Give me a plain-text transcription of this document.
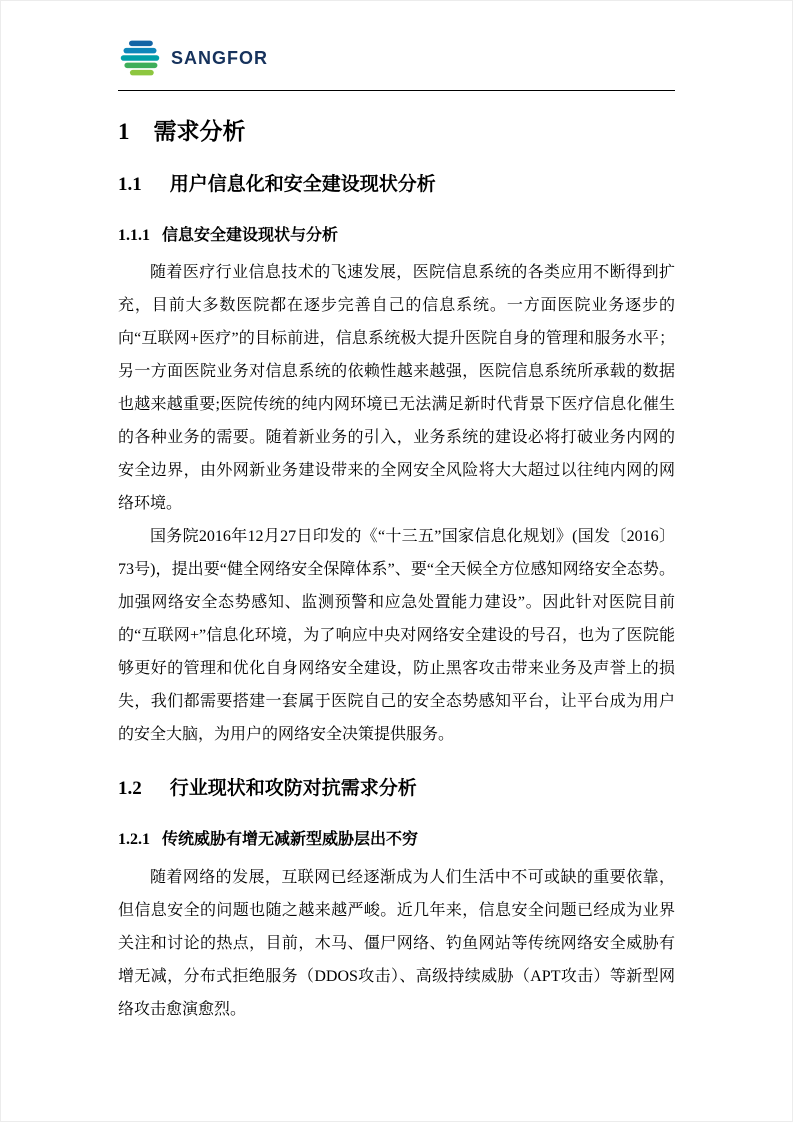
SANGFOR
1 需求分析
1.1 用户信息化和安全建设现状分析
1.1.1 信息安全建设现状与分析

随着医疗行业信息技术的飞速发展，医院信息系统的各类应用不断得到扩充，目前大多数医院都在逐步完善自己的信息系统。一方面医院业务逐步的向“互联网+医疗”的目标前进，信息系统极大提升医院自身的管理和服务水平；另一方面医院业务对信息系统的依赖性越来越强，医院信息系统所承载的数据也越来越重要;医院传统的纯内网环境已无法满足新时代背景下医疗信息化催生的各种业务的需要。随着新业务的引入，业务系统的建设必将打破业务内网的安全边界，由外网新业务建设带来的全网安全风险将大大超过以往纯内网的网络环境。

国务院2016年12月27日印发的《“十三五”国家信息化规划》(国发〔2016〕73号)，提出要“健全网络安全保障体系”、要“全天候全方位感知网络安全态势。加强网络安全态势感知、监测预警和应急处置能力建设”。因此针对医院目前的“互联网+”信息化环境，为了响应中央对网络安全建设的号召，也为了医院能够更好的管理和优化自身网络安全建设，防止黑客攻击带来业务及声誉上的损失，我们都需要搭建一套属于医院自己的安全态势感知平台，让平台成为用户的安全大脑，为用户的网络安全决策提供服务。

1.2 行业现状和攻防对抗需求分析
1.2.1 传统威胁有增无减新型威胁层出不穷

随着网络的发展，互联网已经逐渐成为人们生活中不可或缺的重要依靠，但信息安全的问题也随之越来越严峻。近几年来，信息安全问题已经成为业界关注和讨论的热点，目前，木马、僵尸网络、钓鱼网站等传统网络安全威胁有增无减，分布式拒绝服务（DDOS攻击）、高级持续威胁（APT攻击）等新型网络攻击愈演愈烈。
